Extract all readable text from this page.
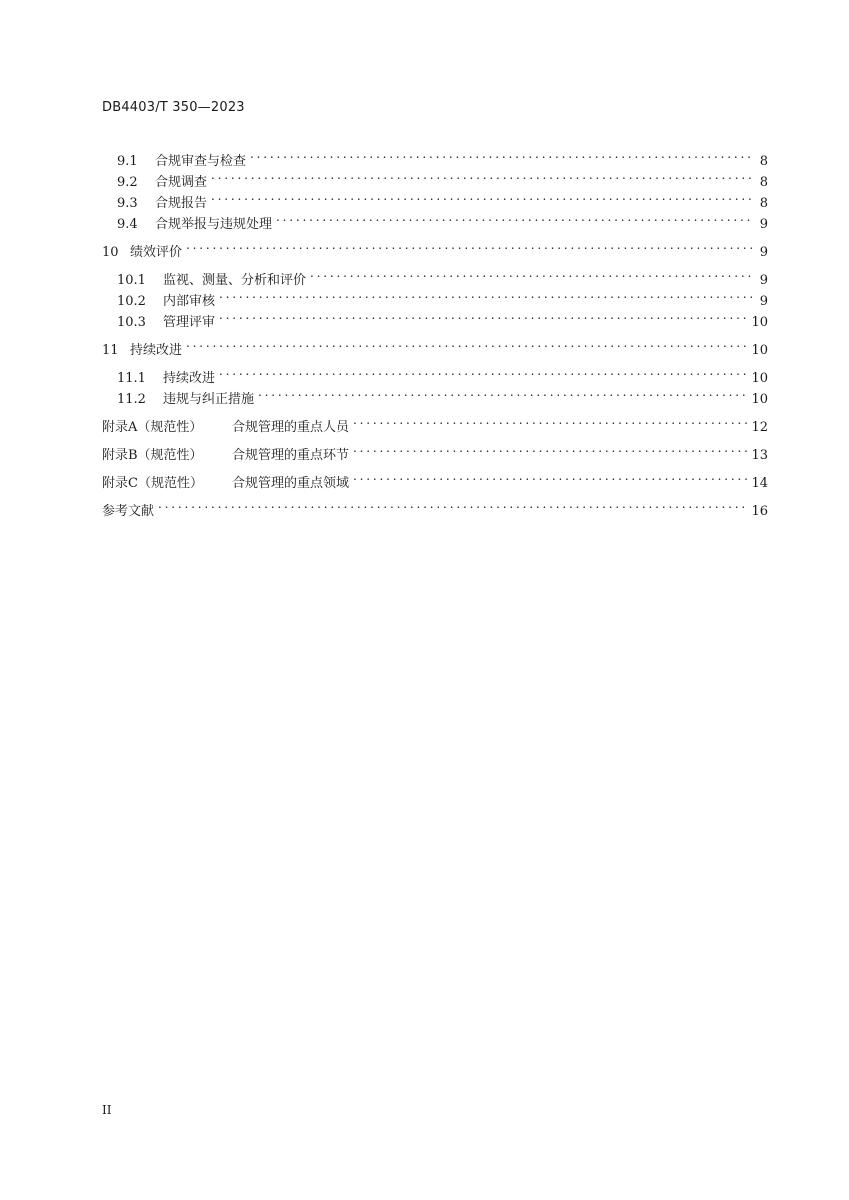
DB4403/T 350—2023
9.1	合规审查与检查 . . .	8
9.2	合规调查 . . .	8
9.3	合规报告 . . .	8
9.4	合规举报与违规处理 . . .	9
10 绩效评价 . . .	9
10.1	监视、测量、分析和评价 . . .	9
10.2	内部审核 . . .	9
10.3	管理评审 . . .	10
11 持续改进 . . .	10
11.1	持续改进 . . .	10
11.2	违规与纠正措施 . . .	10
附录A（规范性）	合规管理的重点人员 . . .	12
附录B（规范性）	合规管理的重点环节 . . .	13
附录C（规范性）	合规管理的重点领域 . . .	14
参考文献 . . .	16
II
